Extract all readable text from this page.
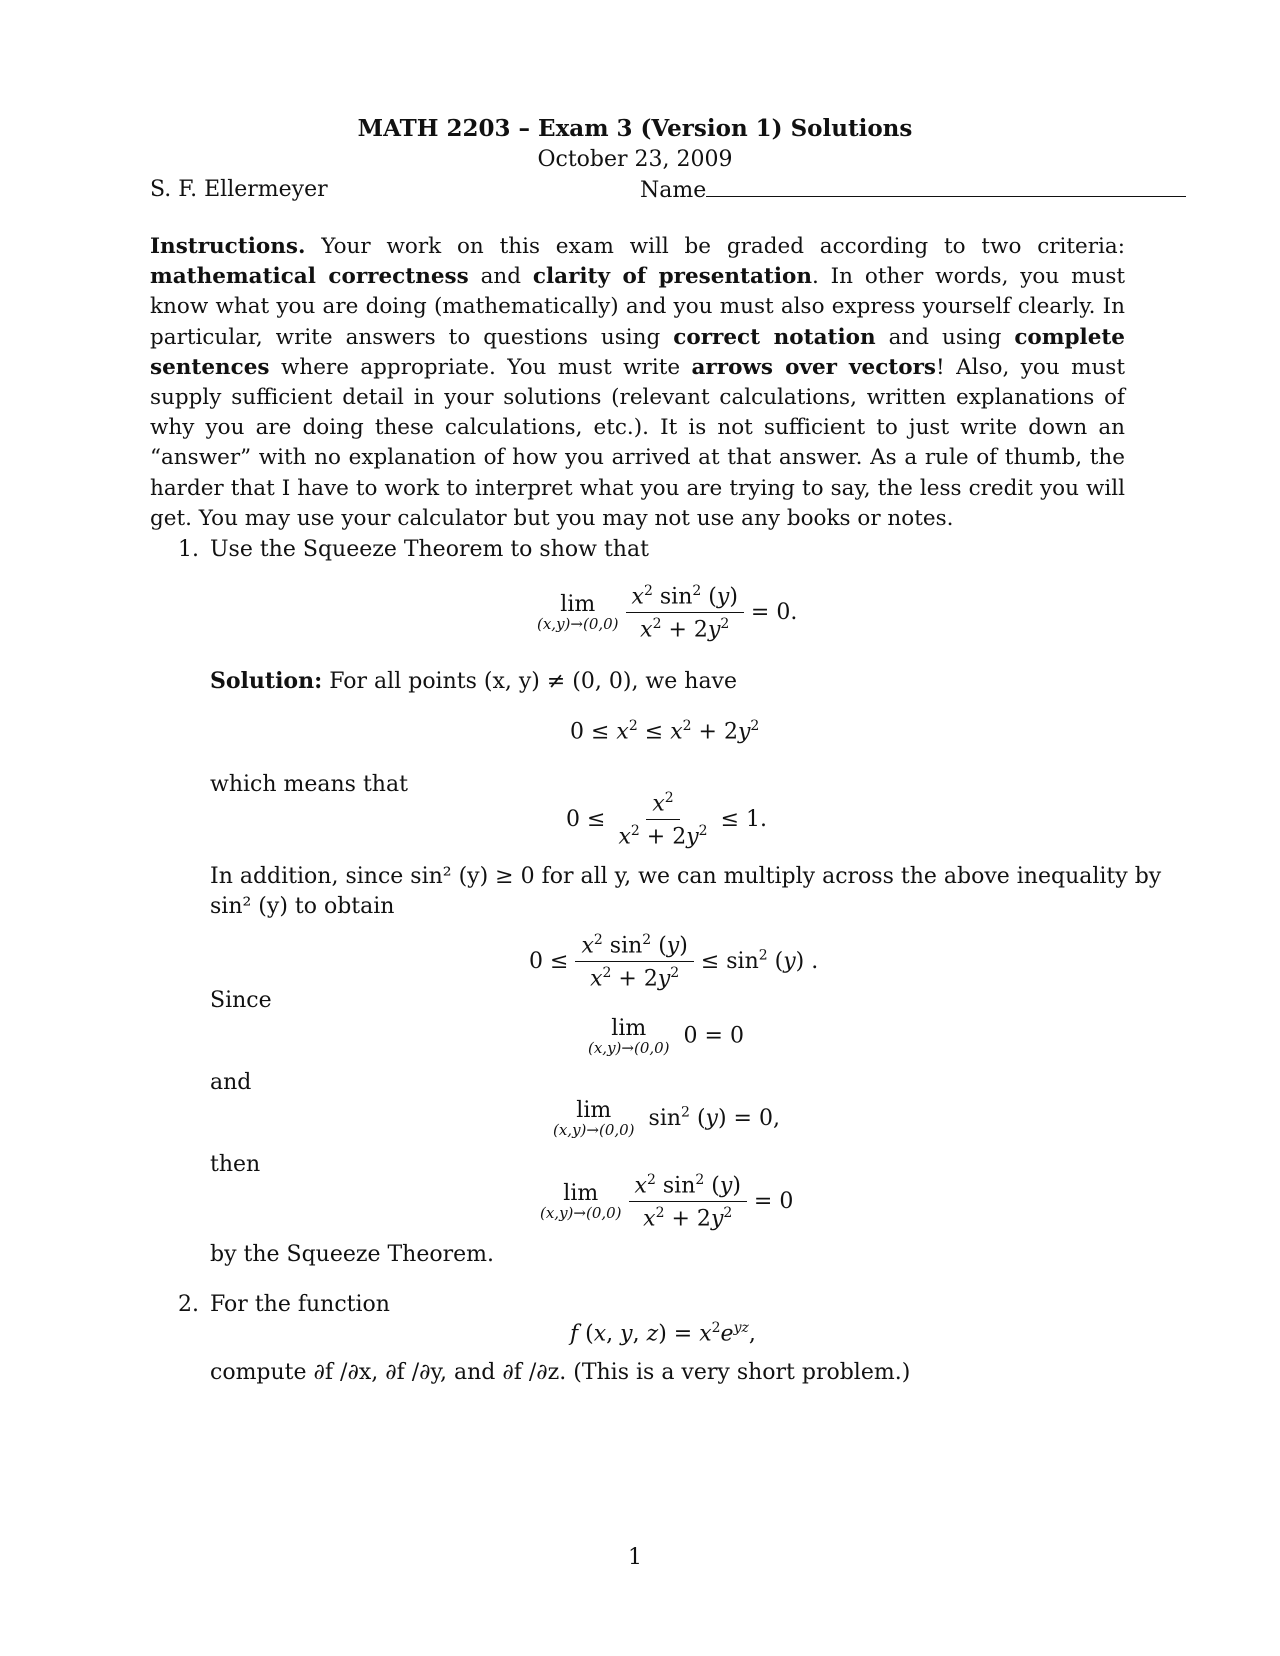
MATH 2203 – Exam 3 (Version 1) Solutions
October 23, 2009
S. F. Ellermeyer	Name
Instructions. Your work on this exam will be graded according to two criteria: mathematical correctness and clarity of presentation. In other words, you must know what you are doing (mathematically) and you must also express yourself clearly. In particular, write answers to questions using correct notation and using complete sentences where appropriate. You must write arrows over vectors! Also, you must supply sufficient detail in your solutions (relevant calculations, written explanations of why you are doing these calculations, etc.). It is not sufficient to just write down an “answer” with no explanation of how you arrived at that answer. As a rule of thumb, the harder that I have to work to interpret what you are trying to say, the less credit you will get. You may use your calculator but you may not use any books or notes.
1. Use the Squeeze Theorem to show that
lim
(x,y)→(0,0)
$\frac{x^2 \sin^2 (y)}{x^2 + 2y^2} = 0$.
Solution: For all points (x, y) ≠ (0, 0), we have
$0 \le x^2 \le x^2 + 2y^2$
which means that
$0 \le \frac{x^2}{x^2 + 2y^2} \le 1$.
In addition, since sin² (y) ≥ 0 for all y, we can multiply across the above inequality by
sin² (y) to obtain
$0 \le \frac{x^2 \sin^2 (y)}{x^2 + 2y^2} \le \sin^2 (y)$ .
Since
lim
(x,y)→(0,0) 0 = 0
and
lim
(x,y)→(0,0) $\sin^2 (y) = 0$,
then
lim
(x,y)→(0,0)
$\frac{x^2 \sin^2 (y)}{x^2 + 2y^2} = 0$
by the Squeeze Theorem.
2. For the function
f (x, y, $z) = x^2e^{yz}$,
compute ∂f /∂x, ∂f /∂y, and ∂f /∂z. (This is a very short problem.)
1
